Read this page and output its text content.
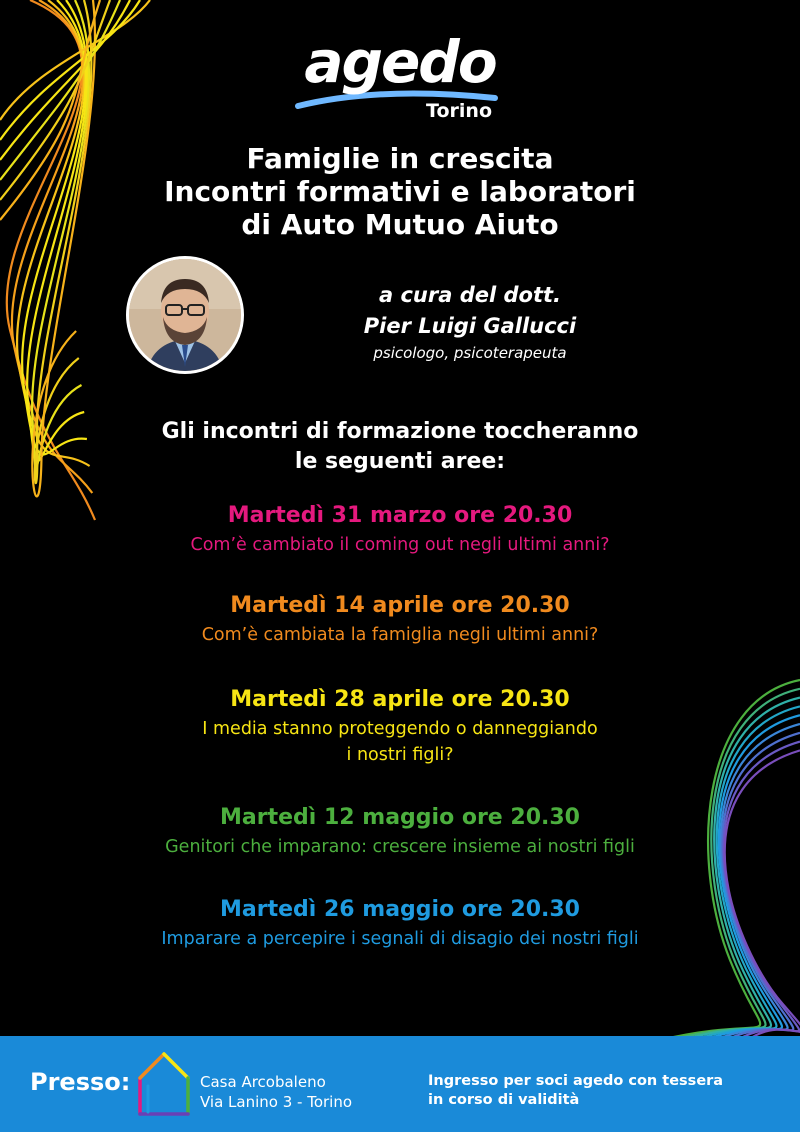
agedo
Torino
Famiglie in crescita
Incontri formativi e laboratori
di Auto Mutuo Aiuto
a cura del dott.
Pier Luigi Gallucci
psicologo, psicoterapeuta
Gli incontri di formazione toccheranno
le seguenti aree:
Martedì 31 marzo ore 20.30
Com’è cambiato il coming out negli ultimi anni?
Martedì 14 aprile ore 20.30
Com’è cambiata la famiglia negli ultimi anni?
Martedì 28 aprile ore 20.30
I media stanno proteggendo o danneggiando
i nostri figli?
Martedì 12 maggio ore 20.30
Genitori che imparano: crescere insieme ai nostri figli
Martedì 26 maggio ore 20.30
Imparare a percepire i segnali di disagio dei nostri figli
Presso:	Casa Arcobaleno
Via Lanino 3 - Torino
Ingresso per soci agedo con tessera
in corso di validità
